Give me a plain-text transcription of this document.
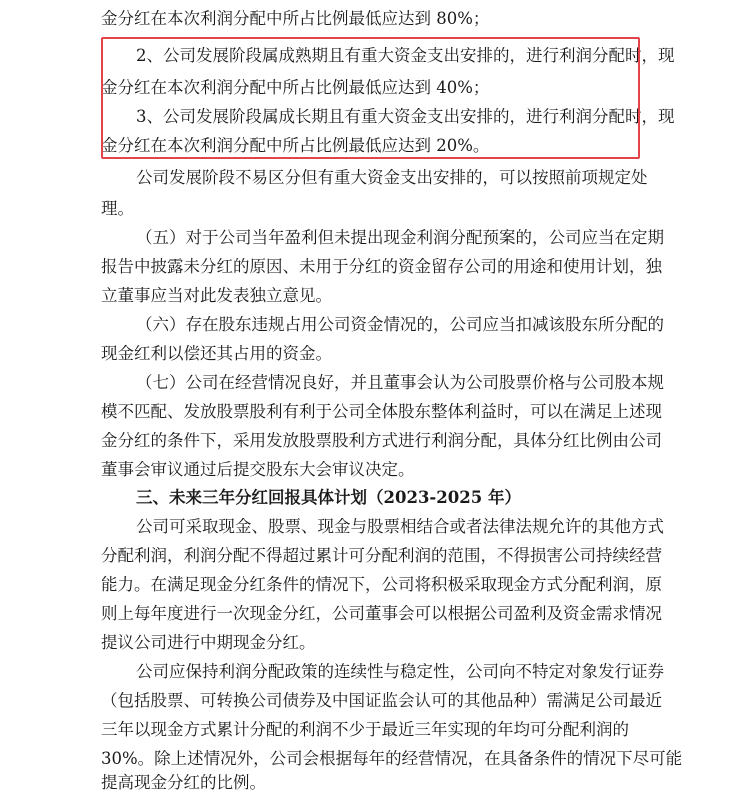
金分红在本次利润分配中所占比例最低应达到 80%；
2、公司发展阶段属成熟期且有重大资金支出安排的，进行利润分配时，现
金分红在本次利润分配中所占比例最低应达到 40%；
3、公司发展阶段属成长期且有重大资金支出安排的，进行利润分配时，现
金分红在本次利润分配中所占比例最低应达到 20%。
公司发展阶段不易区分但有重大资金支出安排的，可以按照前项规定处
理。
（五）对于公司当年盈利但未提出现金利润分配预案的，公司应当在定期
报告中披露未分红的原因、未用于分红的资金留存公司的用途和使用计划，独
立董事应当对此发表独立意见。
（六）存在股东违规占用公司资金情况的，公司应当扣减该股东所分配的
现金红利以偿还其占用的资金。
（七）公司在经营情况良好，并且董事会认为公司股票价格与公司股本规
模不匹配、发放股票股利有利于公司全体股东整体利益时，可以在满足上述现
金分红的条件下，采用发放股票股利方式进行利润分配，具体分红比例由公司
董事会审议通过后提交股东大会审议决定。
三、未来三年分红回报具体计划（2023-2025 年）
公司可采取现金、股票、现金与股票相结合或者法律法规允许的其他方式
分配利润，利润分配不得超过累计可分配利润的范围，不得损害公司持续经营
能力。在满足现金分红条件的情况下，公司将积极采取现金方式分配利润，原
则上每年度进行一次现金分红，公司董事会可以根据公司盈利及资金需求情况
提议公司进行中期现金分红。
公司应保持利润分配政策的连续性与稳定性，公司向不特定对象发行证券
（包括股票、可转换公司债券及中国证监会认可的其他品种）需满足公司最近
三年以现金方式累计分配的利润不少于最近三年实现的年均可分配利润的
30%。除上述情况外，公司会根据每年的经营情况，在具备条件的情况下尽可能
提高现金分红的比例。
